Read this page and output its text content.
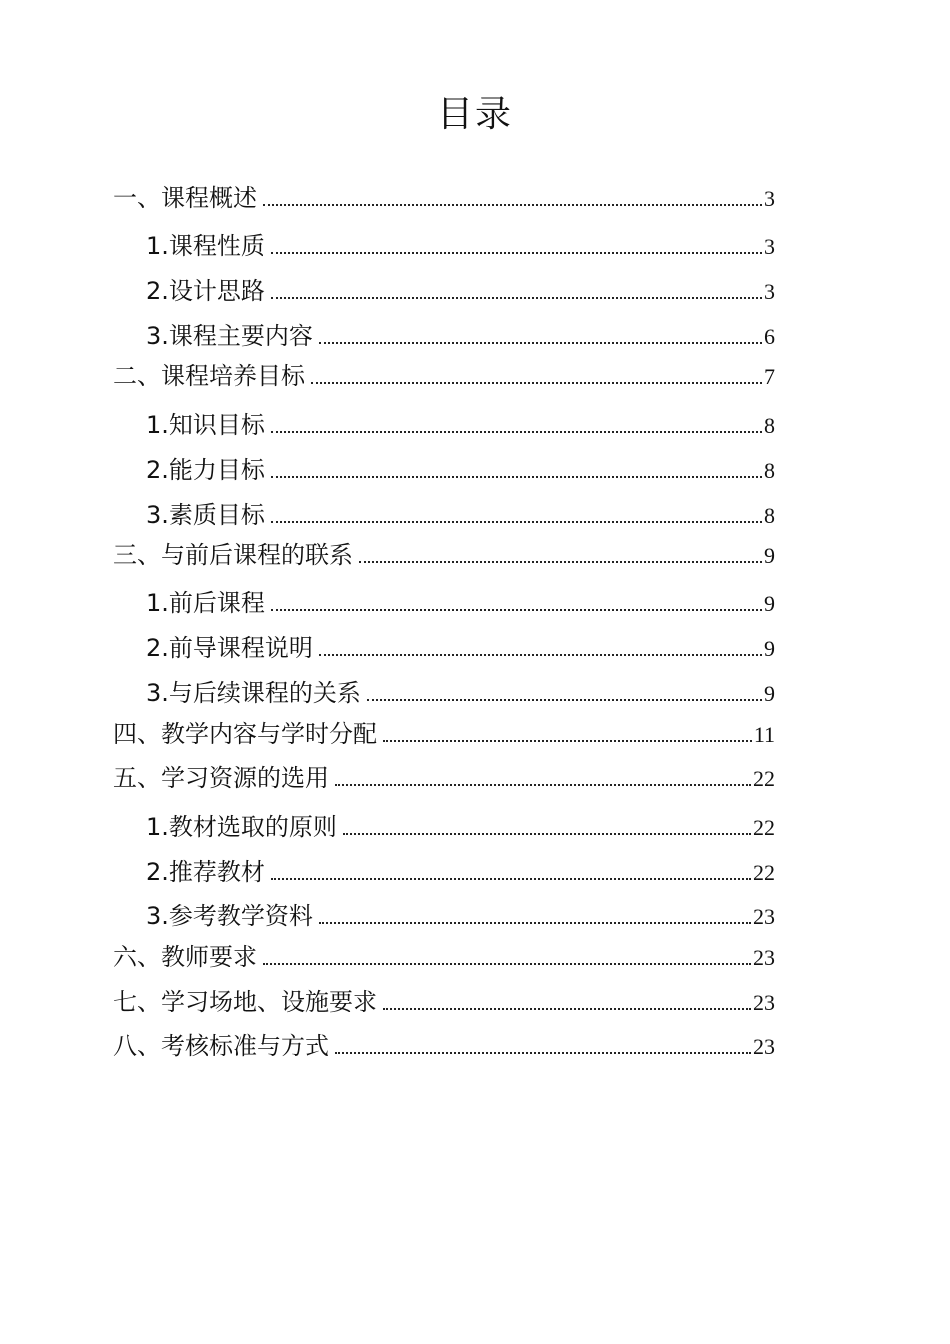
目录
一、课程概述	3
1.课程性质	3
2.设计思路	3
3.课程主要内容	6
二、课程培养目标	7
1.知识目标	8
2.能力目标	8
3.素质目标	8
三、与前后课程的联系	9
1.前后课程	9
2.前导课程说明	9
3.与后续课程的关系	9
四、教学内容与学时分配	11
五、学习资源的选用	22
1.教材选取的原则	22
2.推荐教材	22
3.参考教学资料	23
六、教师要求	23
七、学习场地、设施要求	23
八、考核标准与方式	23
